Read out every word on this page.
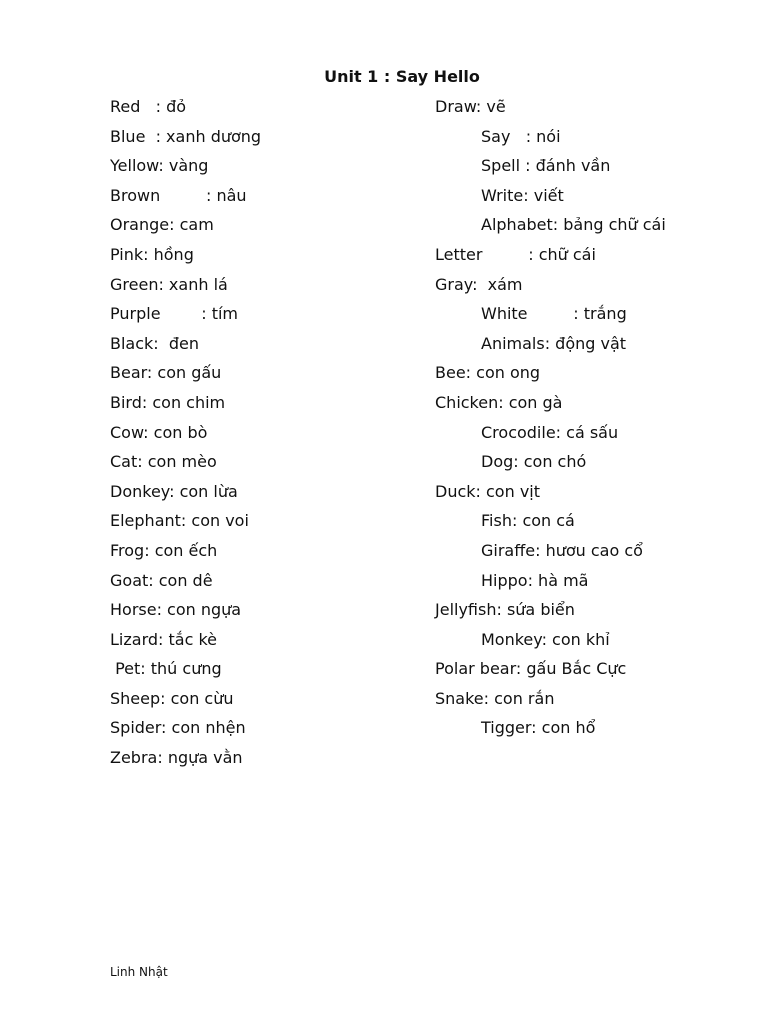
Unit 1 : Say Hello
Red   : đỏ
Blue  : xanh dương
Yellow: vàng
Brown         : nâu
Orange: cam
Pink: hồng
Green: xanh lá
Purple        : tím
Black:  đen
Bear: con gấu
Bird: con chim
Cow: con bò
Cat: con mèo
Donkey: con lừa
Elephant: con voi
Frog: con ếch
Goat: con dê
Horse: con ngựa
Lizard: tắc kè
Pet: thú cưng
Sheep: con cừu
Spider: con nhện
Zebra: ngựa vằn
Draw: vẽ
Say   : nói
Spell : đánh vần
Write: viết
Alphabet: bảng chữ cái
Letter         : chữ cái
Gray:  xám
White         : trắng
Animals: động vật
Bee: con ong
Chicken: con gà
Crocodile: cá sấu
Dog: con chó
Duck: con vịt
Fish: con cá
Giraffe: hươu cao cổ
Hippo: hà mã
Jellyfish: sứa biển
Monkey: con khỉ
Polar bear: gấu Bắc Cực
Snake: con rắn
Tigger: con hổ
Linh Nhật
